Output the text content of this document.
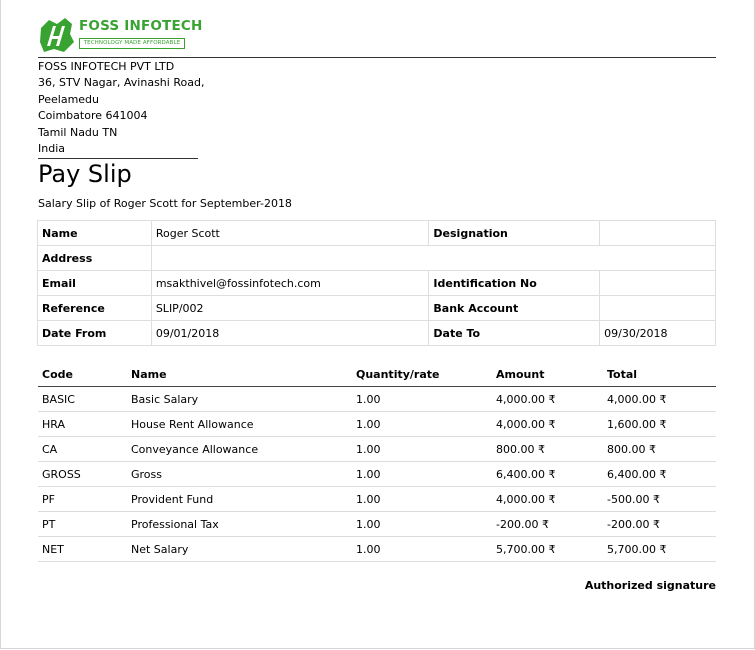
FOSS INFOTECH
TECHNOLOGY MADE AFFORDABLE
FOSS INFOTECH PVT LTD
36, STV Nagar, Avinashi Road,
Peelamedu
Coimbatore 641004
Tamil Nadu TN
India
Pay Slip
Salary Slip of Roger Scott for September-2018
Name	Roger Scott	Designation	
Address			
Email	msakthivel@fossinfotech.com	Identification No	
Reference	SLIP/002	Bank Account	
Date From	09/01/2018	Date To	09/30/2018
Code	Name	Quantity/rate	Amount	Total
BASIC	Basic Salary	1.00	4,000.00 ₹	4,000.00 ₹
HRA	House Rent Allowance	1.00	4,000.00 ₹	1,600.00 ₹
CA	Conveyance Allowance	1.00	800.00 ₹	800.00 ₹
GROSS	Gross	1.00	6,400.00 ₹	6,400.00 ₹
PF	Provident Fund	1.00	4,000.00 ₹	-500.00 ₹
PT	Professional Tax	1.00	-200.00 ₹	-200.00 ₹
NET	Net Salary	1.00	5,700.00 ₹	5,700.00 ₹
Authorized signature
